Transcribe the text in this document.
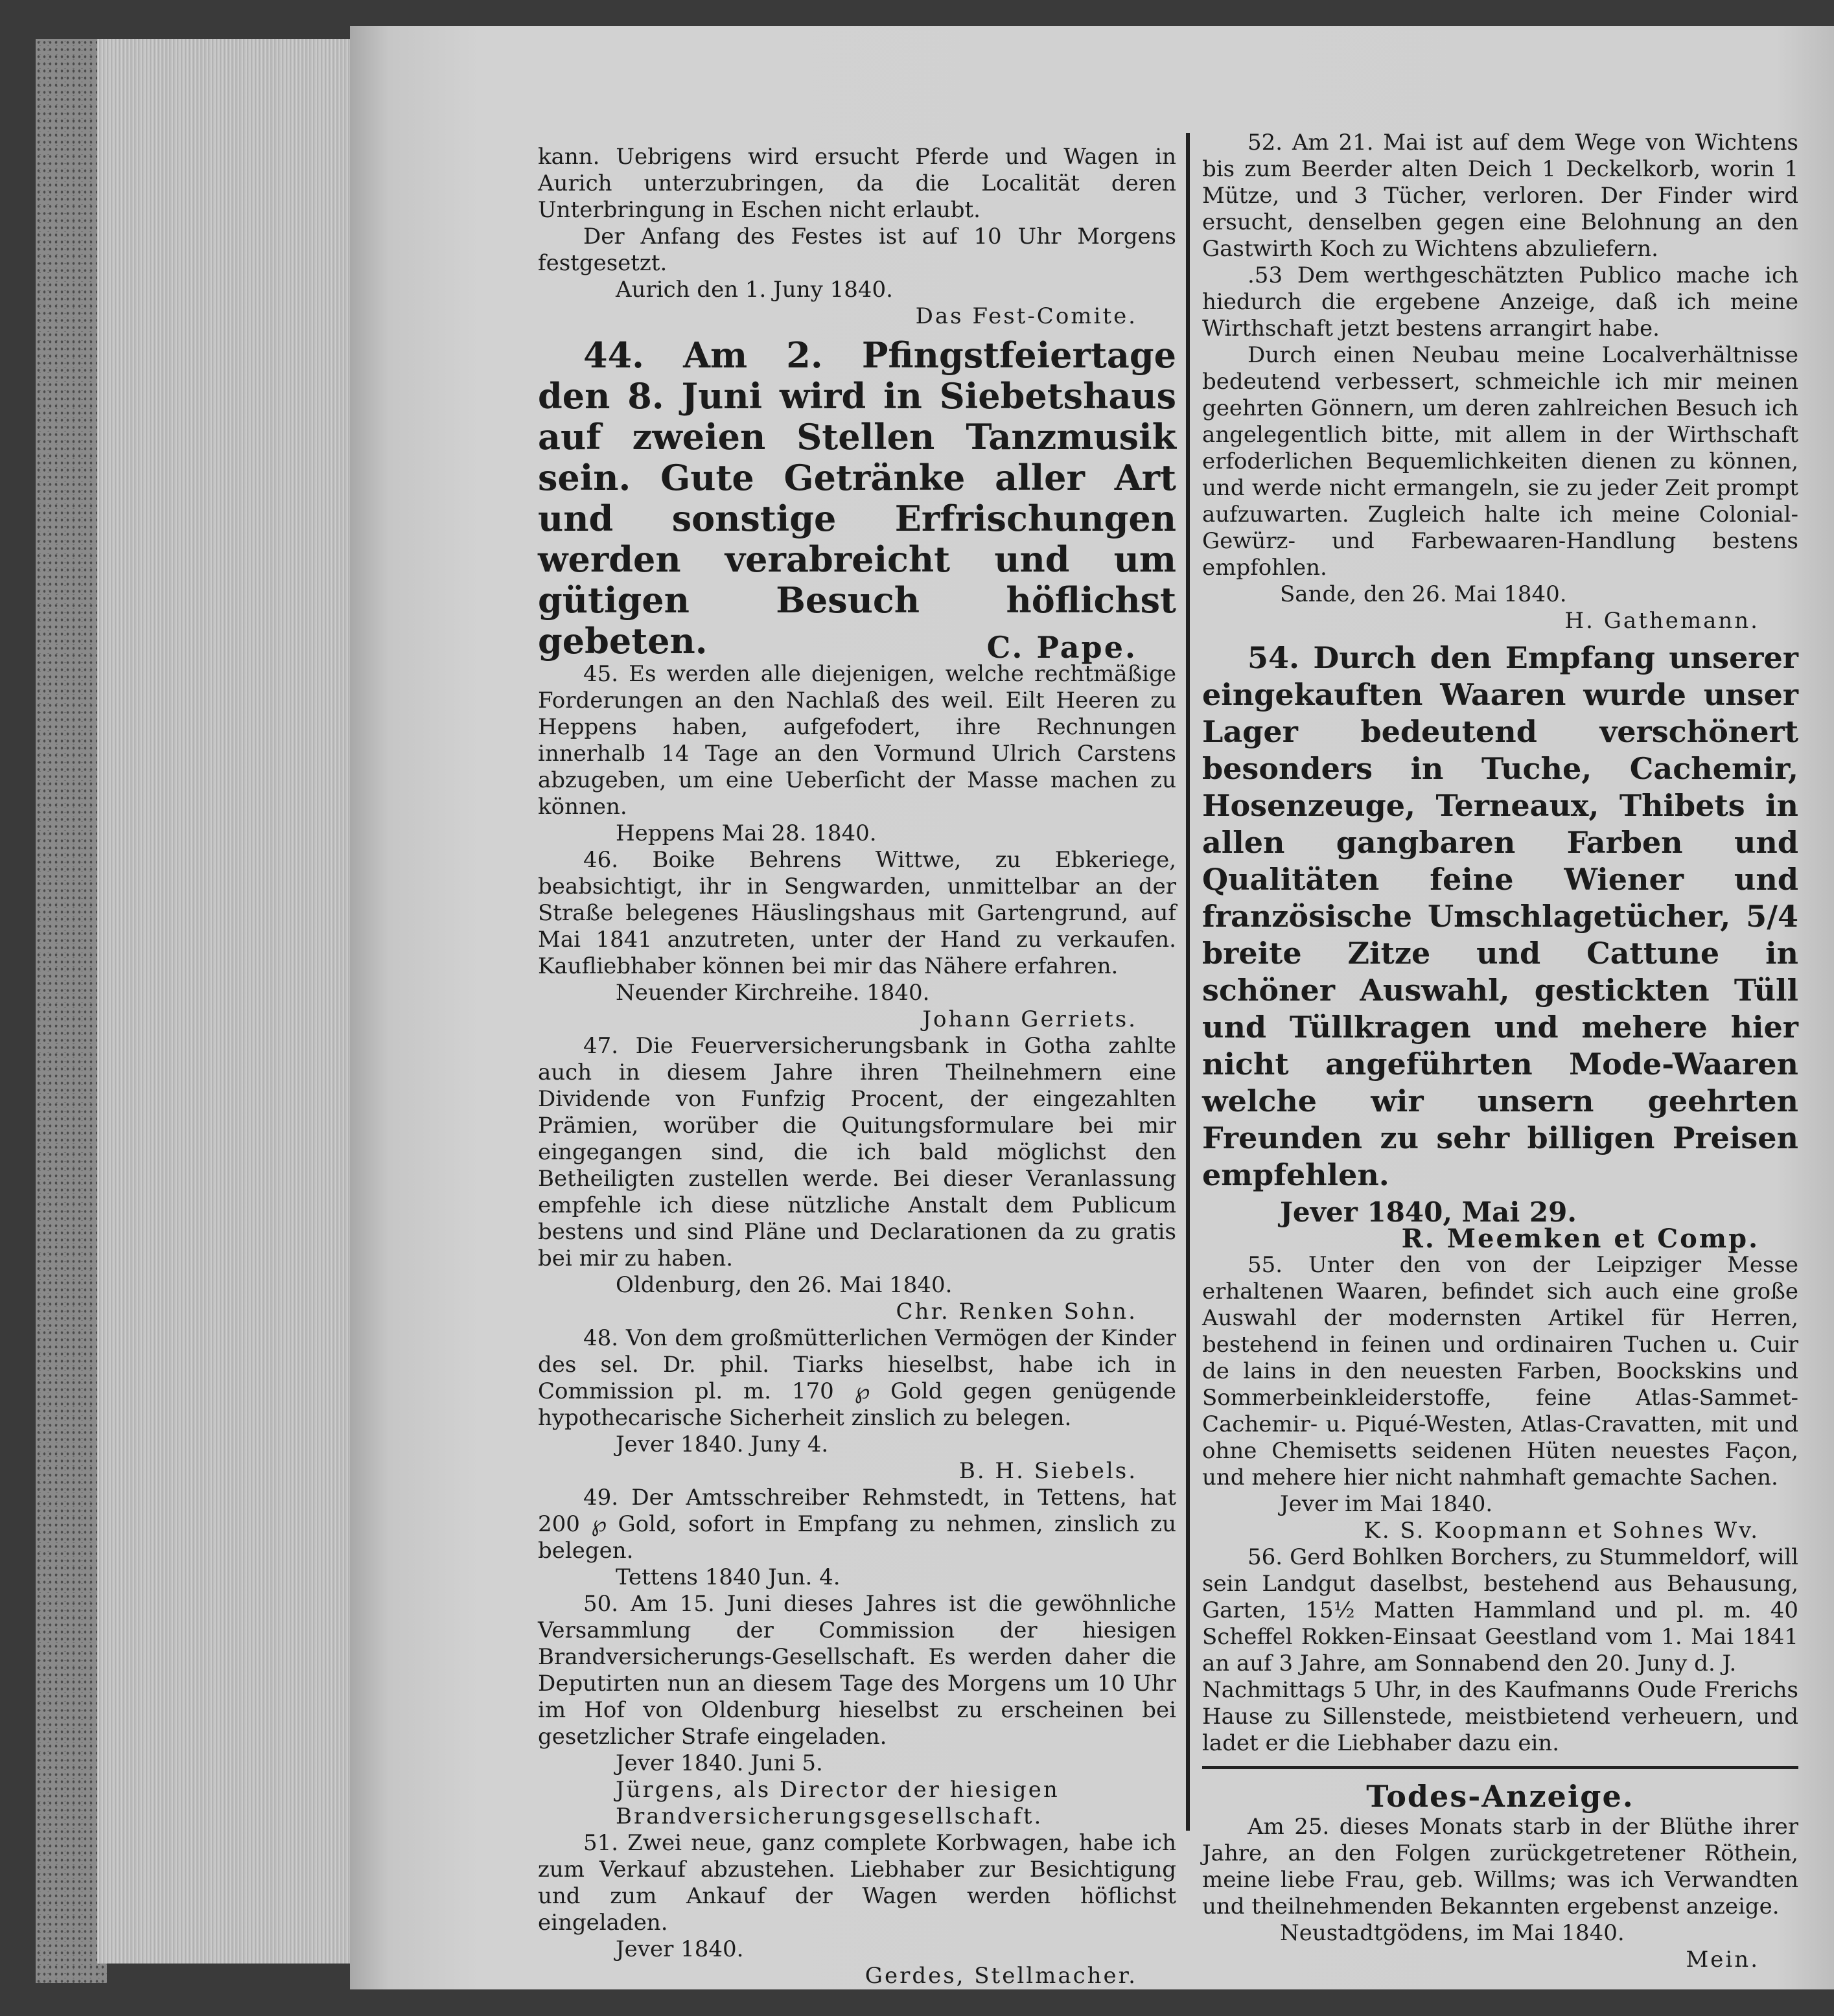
kann. Uebrigens wird ersucht Pferde und Wagen in Aurich unterzubringen, da die Localität deren Unterbringung in Eschen nicht erlaubt.

Der Anfang des Festes ist auf 10 Uhr Morgens festgesetzt.

Aurich den 1. Juny 1840.

Das Fest-Comite.

44. Am 2. Pfingstfeiertage den 8. Juni wird in Siebetshaus auf zweien Stellen Tanzmusik sein. Gute Getränke aller Art und sonstige Erfrischungen werden verabreicht und um gütigen Besuch höflichst gebeten.	C. Pape.

45. Es werden alle diejenigen, welche rechtmäßige Forderungen an den Nachlaß des weil. Eilt Heeren zu Heppens haben, aufgefodert, ihre Rechnungen innerhalb 14 Tage an den Vormund Ulrich Carstens abzugeben, um eine Ueberſicht der Masse machen zu können.

Heppens Mai 28. 1840.

46. Boike Behrens Wittwe, zu Ebkeriege, beabsichtigt, ihr in Sengwarden, unmittelbar an der Straße belegenes Häuslingshaus mit Gartengrund, auf Mai 1841 anzutreten, unter der Hand zu verkaufen. Kaufliebhaber können bei mir das Nähere erfahren.

Neuender Kirchreihe. 1840.

Johann Gerriets.

47. Die Feuerversicherungsbank in Gotha zahlte auch in diesem Jahre ihren Theilnehmern eine Dividende von Funfzig Procent, der eingezahlten Prämien, worüber die Quitungsformulare bei mir eingegangen sind, die ich bald möglichst den Betheiligten zustellen werde. Bei dieser Veranlassung empfehle ich diese nützliche Anstalt dem Publicum bestens und sind Pläne und Declarationen da zu gratis bei mir zu haben.

Oldenburg, den 26. Mai 1840.

Chr. Renken Sohn.

48. Von dem großmütterlichen Vermögen der Kinder des sel. Dr. phil. Tiarks hieselbst, habe ich in Commission pl. m. 170 ℘ Gold gegen genügende hypothecarische Sicherheit zinslich zu belegen.

Jever 1840. Juny 4.

B. H. Siebels.

49. Der Amtsschreiber Rehmstedt, in Tettens, hat 200 ℘ Gold, sofort in Empfang zu nehmen, zinslich zu belegen.

Tettens 1840 Jun. 4.

50. Am 15. Juni dieses Jahres ist die gewöhnliche Versammlung der Commission der hiesigen Brandversicherungs-Gesellschaft. Es werden daher die Deputirten nun an diesem Tage des Morgens um 10 Uhr im Hof von Oldenburg hieselbst zu erscheinen bei gesetzlicher Strafe eingeladen.

Jever 1840. Juni 5.

Jürgens, als Director der hiesigen Brandversicherungsgesellschaft.

51. Zwei neue, ganz complete Korbwagen, habe ich zum Verkauf abzustehen. Liebhaber zur Besichtigung und zum Ankauf der Wagen werden höflichst eingeladen.

Jever 1840.

Gerdes, Stellmacher.

52. Am 21. Mai ist auf dem Wege von Wichtens bis zum Beerder alten Deich 1 Deckelkorb, worin 1 Mütze, und 3 Tücher, verloren. Der Finder wird ersucht, denselben gegen eine Belohnung an den Gastwirth Koch zu Wichtens abzuliefern.

.53 Dem werthgeschätzten Publico mache ich hiedurch die ergebene Anzeige, daß ich meine Wirthschaft jetzt bestens arrangirt habe.

Durch einen Neubau meine Localverhältnisse bedeutend verbessert, schmeichle ich mir meinen geehrten Gönnern, um deren zahlreichen Besuch ich angelegentlich bitte, mit allem in der Wirthschaft erfoderlichen Bequemlichkeiten dienen zu können, und werde nicht ermangeln, sie zu jeder Zeit prompt aufzuwarten. Zugleich halte ich meine Colonial-Gewürz- und Farbewaaren-Handlung bestens empfohlen.

Sande, den 26. Mai 1840.

H. Gathemann.

54. Durch den Empfang unserer eingekauften Waaren wurde unser Lager bedeutend verschönert besonders in Tuche, Cachemir, Hosenzeuge, Terneaux, Thibets in allen gangbaren Farben und Qualitäten feine Wiener und französische Umschlagetücher, 5/4 breite Zitze und Cattune in schöner Auswahl, gestickten Tüll und Tüllkragen und mehere hier nicht angeführten Mode-Waaren welche wir unsern geehrten Freunden zu sehr billigen Preisen empfehlen.

Jever 1840, Mai 29.

R. Meemken et Comp.

55. Unter den von der Leipziger Messe erhaltenen Waaren, befindet sich auch eine große Auswahl der modernsten Artikel für Herren, bestehend in feinen und ordinairen Tuchen u. Cuir de lains in den neuesten Farben, Boockskins und Sommerbeinkleiderstoffe, feine Atlas-Sammet-Cachemir- u. Piqué-Westen, Atlas-Cravatten, mit und ohne Chemisetts seidenen Hüten neuestes Façon, und mehere hier nicht nahmhaft gemachte Sachen.

Jever im Mai 1840.

K. S. Koopmann et Sohnes Wv.

56. Gerd Bohlken Borchers, zu Stummeldorf, will sein Landgut daselbst, bestehend aus Behausung, Garten, 15½ Matten Hammland und pl. m. 40 Scheffel Rokken-Einsaat Geestland vom 1. Mai 1841 an auf 3 Jahre, am Sonnabend den 20. Juny d. J.

Nachmittags 5 Uhr, in des Kaufmanns Oude Frerichs Hause zu Sillenstede, meistbietend verheuern, und ladet er die Liebhaber dazu ein.

Todes-Anzeige.

Am 25. dieses Monats starb in der Blüthe ihrer Jahre, an den Folgen zurückgetretener Röthein, meine liebe Frau, geb. Willms; was ich Verwandten und theilnehmenden Bekannten ergebenst anzeige.

Neustadtgödens, im Mai 1840.

Mein.
